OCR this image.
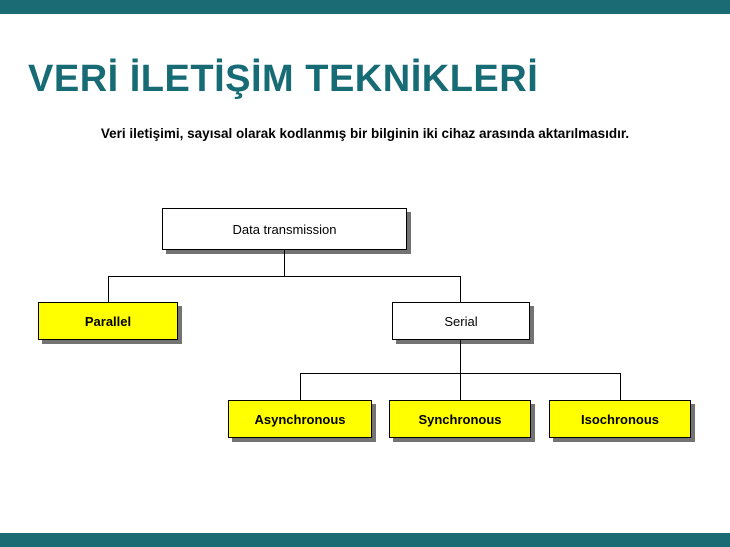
VERİ İLETİŞİM TEKNİKLERİ
Veri iletişimi, sayısal olarak kodlanmış bir bilginin iki cihaz arasında aktarılmasıdır.
Data transmission
Parallel	Serial
Asynchronous	Synchronous	Isochronous
